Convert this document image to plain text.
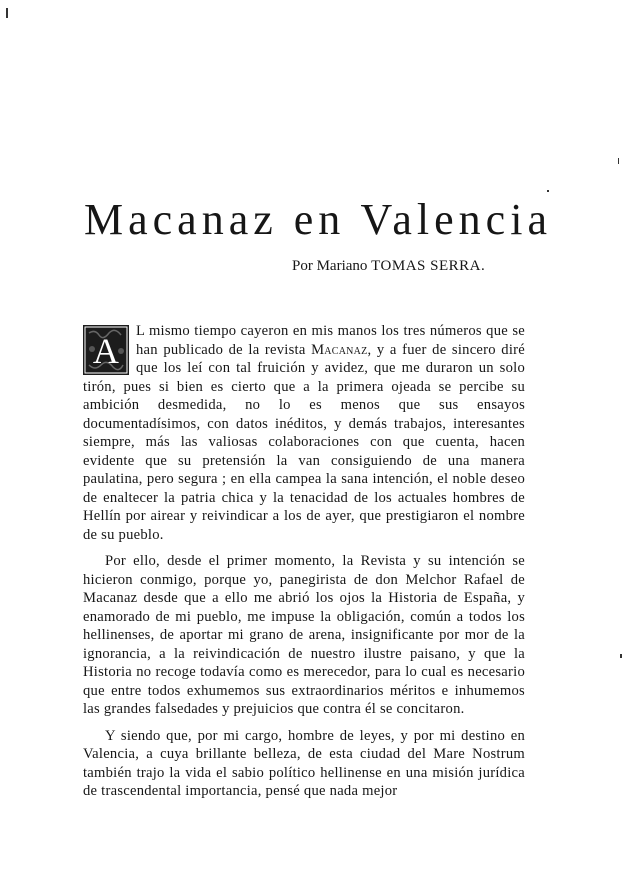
Macanaz en Valencia

Por Mariano TOMAS SERRA.

A L mismo tiempo cayeron en mis manos los tres números que se han publicado de la revista Macanaz, y a fuer de sincero diré que los leí con tal fruición y avidez, que me duraron un solo tirón, pues si bien es cierto que a la primera ojeada se percibe su ambición desmedida, no lo es menos que sus ensayos documentadísimos, con datos inéditos, y demás trabajos, interesantes siempre, más las valiosas colaboraciones con que cuenta, hacen evidente que su pretensión la van consiguiendo de una manera paulatina, pero segura ; en ella campea la sana intención, el noble deseo de enaltecer la patria chica y la tenacidad de los actuales hombres de Hellín por airear y reivindicar a los de ayer, que prestigiaron el nombre de su pueblo.

Por ello, desde el primer momento, la Revista y su intención se hicieron conmigo, porque yo, panegirista de don Melchor Rafael de Macanaz desde que a ello me abrió los ojos la Historia de España, y enamorado de mi pueblo, me impuse la obligación, común a todos los hellinenses, de aportar mi grano de arena, insignificante por mor de la ignorancia, a la reivindicación de nuestro ilustre paisano, y que la Historia no recoge todavía como es merecedor, para lo cual es necesario que entre todos exhumemos sus extraordinarios méritos e inhumemos las grandes falsedades y prejuicios que contra él se concitaron.

Y siendo que, por mi cargo, hombre de leyes, y por mi destino en Valencia, a cuya brillante belleza, de esta ciudad del Mare Nostrum también trajo la vida el sabio político hellinense en una misión jurídica de trascendental importancia, pensé que nada mejor
